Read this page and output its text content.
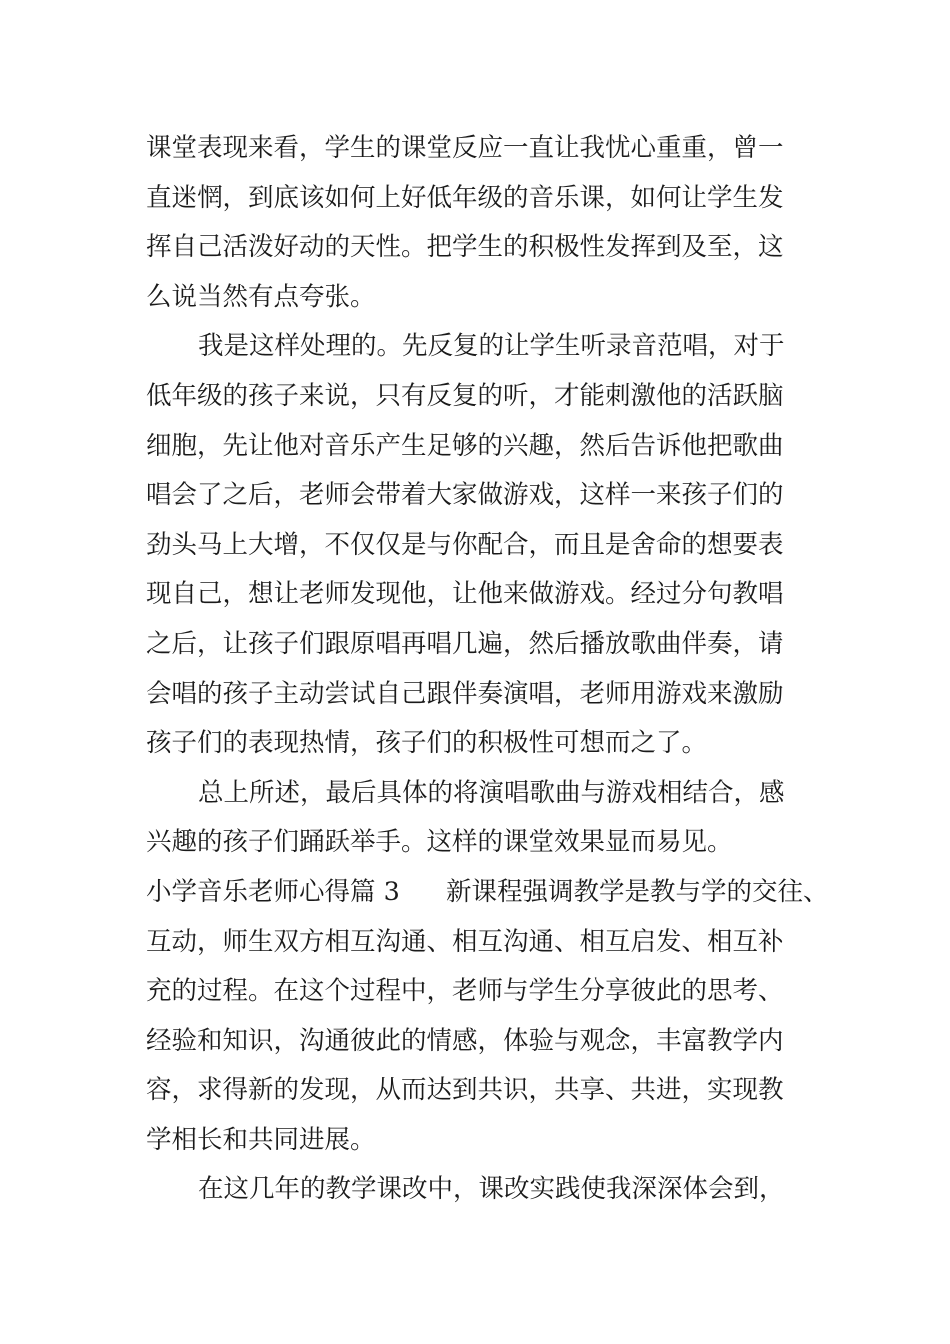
课堂表现来看，学生的课堂反应一直让我忧心重重，曾一
直迷惘，到底该如何上好低年级的音乐课，如何让学生发
挥自己活泼好动的天性。把学生的积极性发挥到及至，这
么说当然有点夸张。
我是这样处理的。先反复的让学生听录音范唱，对于
低年级的孩子来说，只有反复的听，才能刺激他的活跃脑
细胞，先让他对音乐产生足够的兴趣，然后告诉他把歌曲
唱会了之后，老师会带着大家做游戏，这样一来孩子们的
劲头马上大增，不仅仅是与你配合，而且是舍命的想要表
现自己，想让老师发现他，让他来做游戏。经过分句教唱
之后，让孩子们跟原唱再唱几遍，然后播放歌曲伴奏，请
会唱的孩子主动尝试自己跟伴奏演唱，老师用游戏来激励
孩子们的表现热情，孩子们的积极性可想而之了。
总上所述，最后具体的将演唱歌曲与游戏相结合，感
兴趣的孩子们踊跃举手。这样的课堂效果显而易见。
小学音乐老师心得篇 3 新课程强调教学是教与学的交往、
互动，师生双方相互沟通、相互沟通、相互启发、相互补
充的过程。在这个过程中，老师与学生分享彼此的思考、
经验和知识，沟通彼此的情感，体验与观念，丰富教学内
容，求得新的发现，从而达到共识，共享、共进，实现教
学相长和共同进展。
在这几年的教学课改中，课改实践使我深深体会到，
